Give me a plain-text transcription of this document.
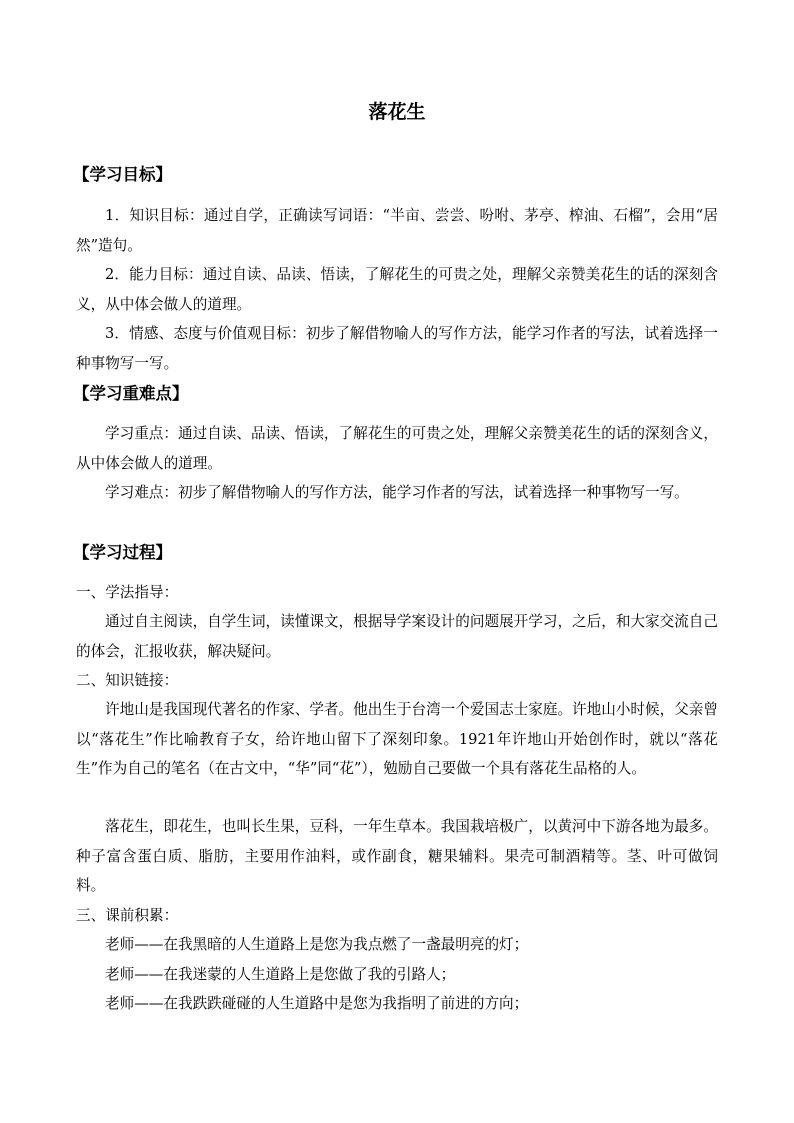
落花生
【学习目标】
1．知识目标：通过自学，正确读写词语：“半亩、尝尝、吩咐、茅亭、榨油、石榴”，会用“居然”造句。
2．能力目标：通过自读、品读、悟读，了解花生的可贵之处，理解父亲赞美花生的话的深刻含义，从中体会做人的道理。
3．情感、态度与价值观目标：初步了解借物喻人的写作方法，能学习作者的写法，试着选择一种事物写一写。
【学习重难点】
学习重点：通过自读、品读、悟读，了解花生的可贵之处，理解父亲赞美花生的话的深刻含义，从中体会做人的道理。
学习难点：初步了解借物喻人的写作方法，能学习作者的写法，试着选择一种事物写一写。
【学习过程】
一、学法指导：
通过自主阅读，自学生词，读懂课文，根据导学案设计的问题展开学习，之后，和大家交流自己的体会，汇报收获，解决疑问。
二、知识链接：
许地山是我国现代著名的作家、学者。他出生于台湾一个爱国志士家庭。许地山小时候，父亲曾以“落花生”作比喻教育子女，给许地山留下了深刻印象。1921年许地山开始创作时，就以“落花生”作为自己的笔名（在古文中，“华”同“花”），勉励自己要做一个具有落花生品格的人。
落花生，即花生，也叫长生果，豆科，一年生草本。我国栽培极广，以黄河中下游各地为最多。种子富含蛋白质、脂肪，主要用作油料，或作副食，糖果辅料。果壳可制酒精等。茎、叶可做饲料。
三、课前积累：
老师——在我黑暗的人生道路上是您为我点燃了一盏最明亮的灯；
老师——在我迷蒙的人生道路上是您做了我的引路人；
老师——在我跌跌碰碰的人生道路中是您为我指明了前进的方向；
